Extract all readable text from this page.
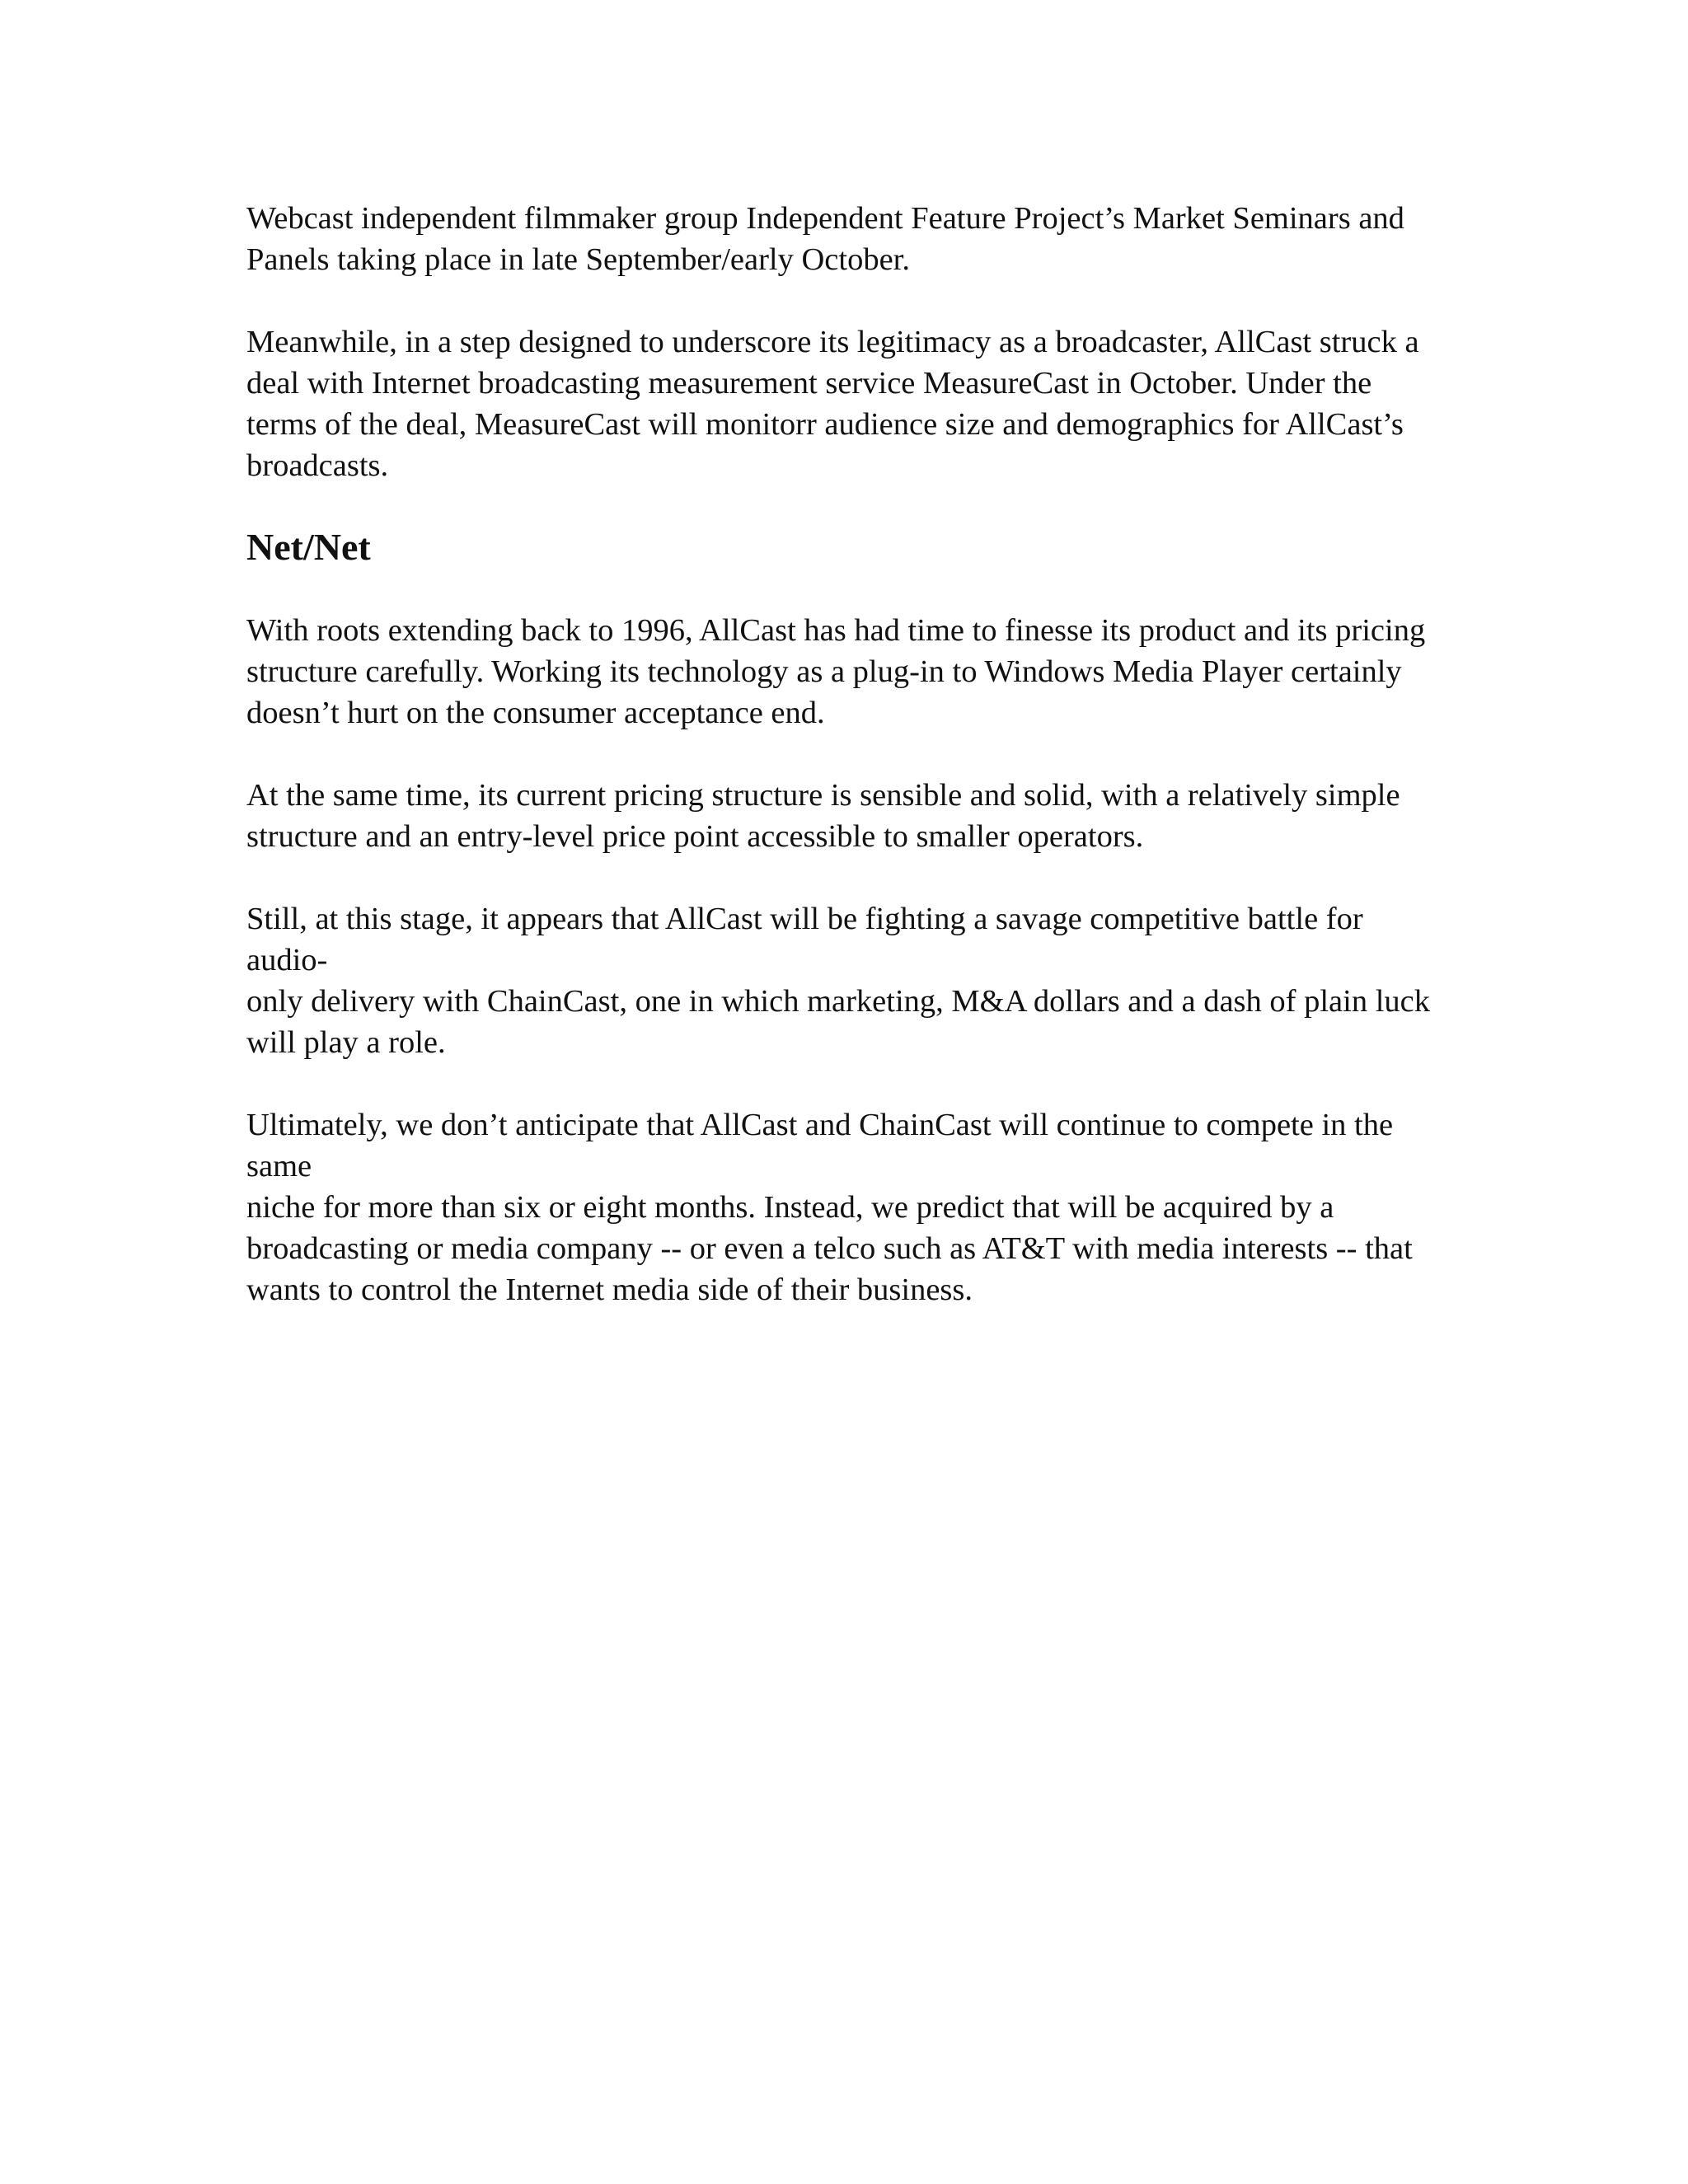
Webcast independent filmmaker group Independent Feature Project’s Market Seminars and
Panels taking place in late September/early October.

Meanwhile, in a step designed to underscore its legitimacy as a broadcaster, AllCast struck a
deal with Internet broadcasting measurement service MeasureCast in October. Under the
terms of the deal, MeasureCast will monitorr audience size and demographics for AllCast’s
broadcasts.

Net/Net

With roots extending back to 1996, AllCast has had time to finesse its product and its pricing
structure carefully. Working its technology as a plug-in to Windows Media Player certainly
doesn’t hurt on the consumer acceptance end.

At the same time, its current pricing structure is sensible and solid, with a relatively simple
structure and an entry-level price point accessible to smaller operators.

Still, at this stage, it appears that AllCast will be fighting a savage competitive battle for audio-
only delivery with ChainCast, one in which marketing, M&A dollars and a dash of plain luck
will play a role.

Ultimately, we don’t anticipate that AllCast and ChainCast will continue to compete in the same
niche for more than six or eight months. Instead, we predict that will be acquired by a
broadcasting or media company -- or even a telco such as AT&T with media interests -- that
wants to control the Internet media side of their business.
